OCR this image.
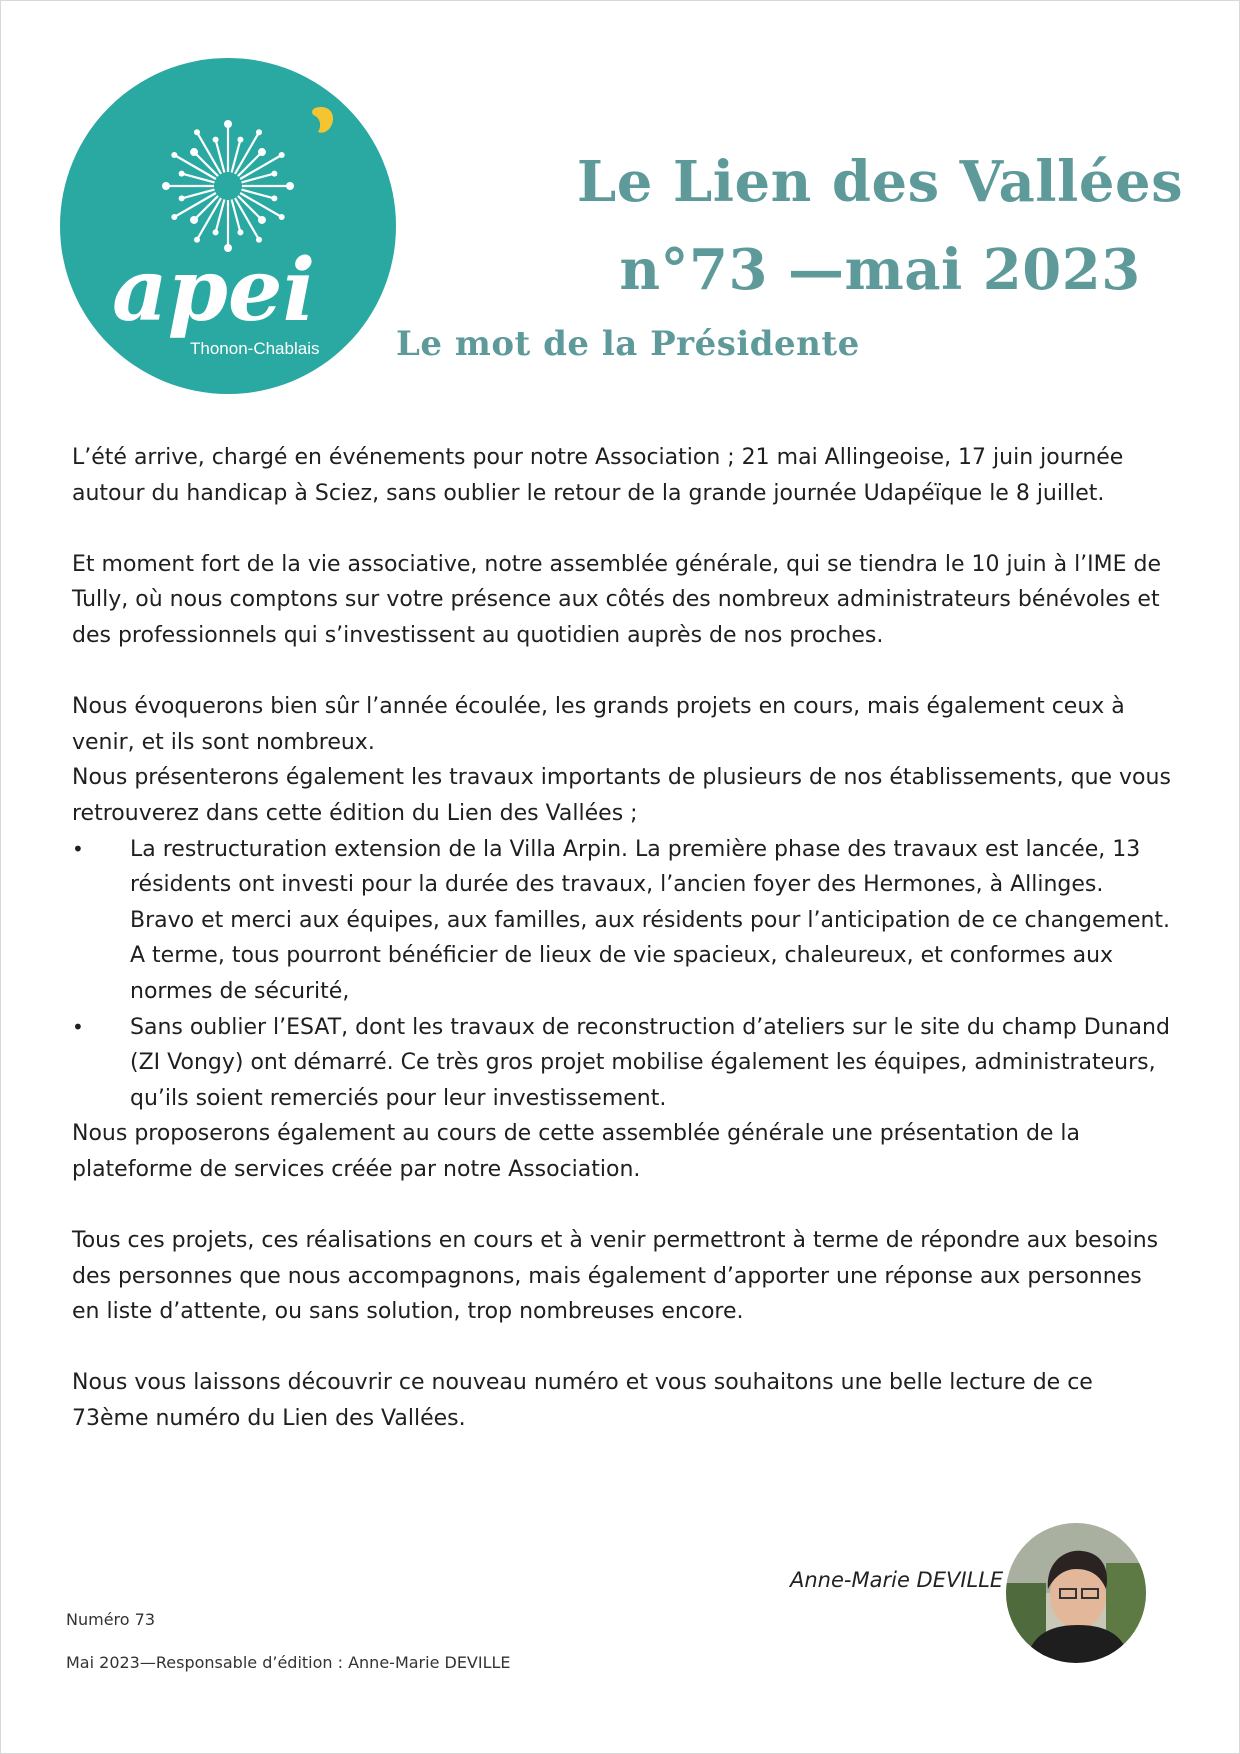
apei
Thonon-Chablais
Le Lien des Vallées
n°73 —mai 2023
Le mot de la Présidente

L’été arrive, chargé en événements pour notre Association ; 21 mai Allingeoise, 17 juin journée autour du handicap à Sciez, sans oublier le retour de la grande journée Udapéïque le 8 juillet.

Et moment fort de la vie associative, notre assemblée générale, qui se tiendra le 10 juin à l’IME de Tully, où nous comptons sur votre présence aux côtés des nombreux administrateurs bénévoles et des professionnels qui s’investissent au quotidien auprès de nos proches.

Nous évoquerons bien sûr l’année écoulée, les grands projets en cours, mais également ceux à venir, et ils sont nombreux.

Nous présenterons également les travaux importants de plusieurs de nos établissements, que vous retrouverez dans cette édition du Lien des Vallées ;

•	La restructuration extension de la Villa Arpin. La première phase des travaux est lancée, 13 résidents ont investi pour la durée des travaux, l’ancien foyer des Hermones, à Allinges. Bravo et merci aux équipes, aux familles, aux résidents pour l’anticipation de ce changement. A terme, tous pourront bénéficier de lieux de vie spacieux, chaleureux, et conformes aux normes de sécurité,
•	Sans oublier l’ESAT, dont les travaux de reconstruction d’ateliers sur le site du champ Dunand (ZI Vongy) ont démarré. Ce très gros projet mobilise également les équipes, administrateurs, qu’ils soient remerciés pour leur investissement.

Nous proposerons également au cours de cette assemblée générale une présentation de la plateforme de services créée par notre Association.

Tous ces projets, ces réalisations en cours et à venir permettront à terme de répondre aux besoins des personnes que nous accompagnons, mais également d’apporter une réponse aux personnes en liste d’attente, ou sans solution, trop nombreuses encore.

Nous vous laissons découvrir ce nouveau numéro et vous souhaitons une belle lecture de ce 73ème numéro du Lien des Vallées.

Anne-Marie DEVILLE
Numéro 73
Mai 2023—Responsable d’édition : Anne-Marie DEVILLE
